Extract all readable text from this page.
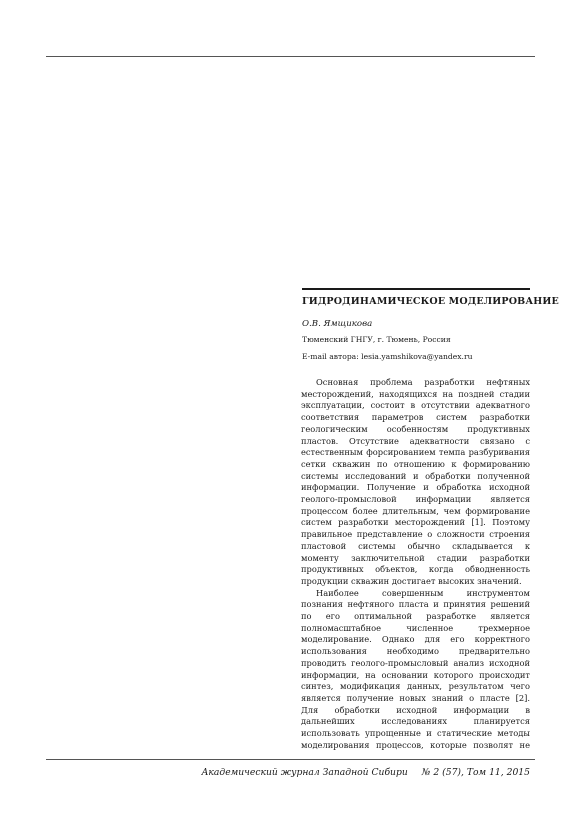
ГИДРОДИНАМИЧЕСКОЕ МОДЕЛИРОВАНИЕ
О.В. Ямщикова
Тюменский ГНГУ, г. Тюмень, Россия
E-mail автора: lesia.yamshikova@yandex.ru

Основная проблема разработки нефтяных месторождений, находящихся на поздней стадии эксплуатации, состоит в отсутствии адекватного соответствия параметров систем разработки геологическим особенностям продуктивных пластов. Отсутствие адекватности связано с естественным форсированием темпа разбуривания сетки скважин по отношению к формированию системы исследований и обработки полученной информации. Получение и обработка исходной геолого-промысловой информации является процессом более длительным, чем формирование систем разработки месторождений [1]. Поэтому правильное представление о сложности строения пластовой системы обычно складывается к моменту заключительной стадии разработки продуктивных объектов, когда обводненность продукции скважин достигает высоких значений.

Наиболее совершенным инструментом познания нефтяного пласта и принятия решений по его оптимальной разработке является полномасштабное численное трехмерное моделирование. Однако для его корректного использования необходимо предварительно проводить геолого-промысловый анализ исходной информации, на основании которого происходит синтез, модификация данных, результатом чего является получение новых знаний о пласте [2]. Для обработки исходной информации в дальнейших исследованиях планируется использовать упрощенные и статические методы моделирования процессов, которые позволят не

Академический журнал Западной Сибири № 2 (57), Том 11, 2015
